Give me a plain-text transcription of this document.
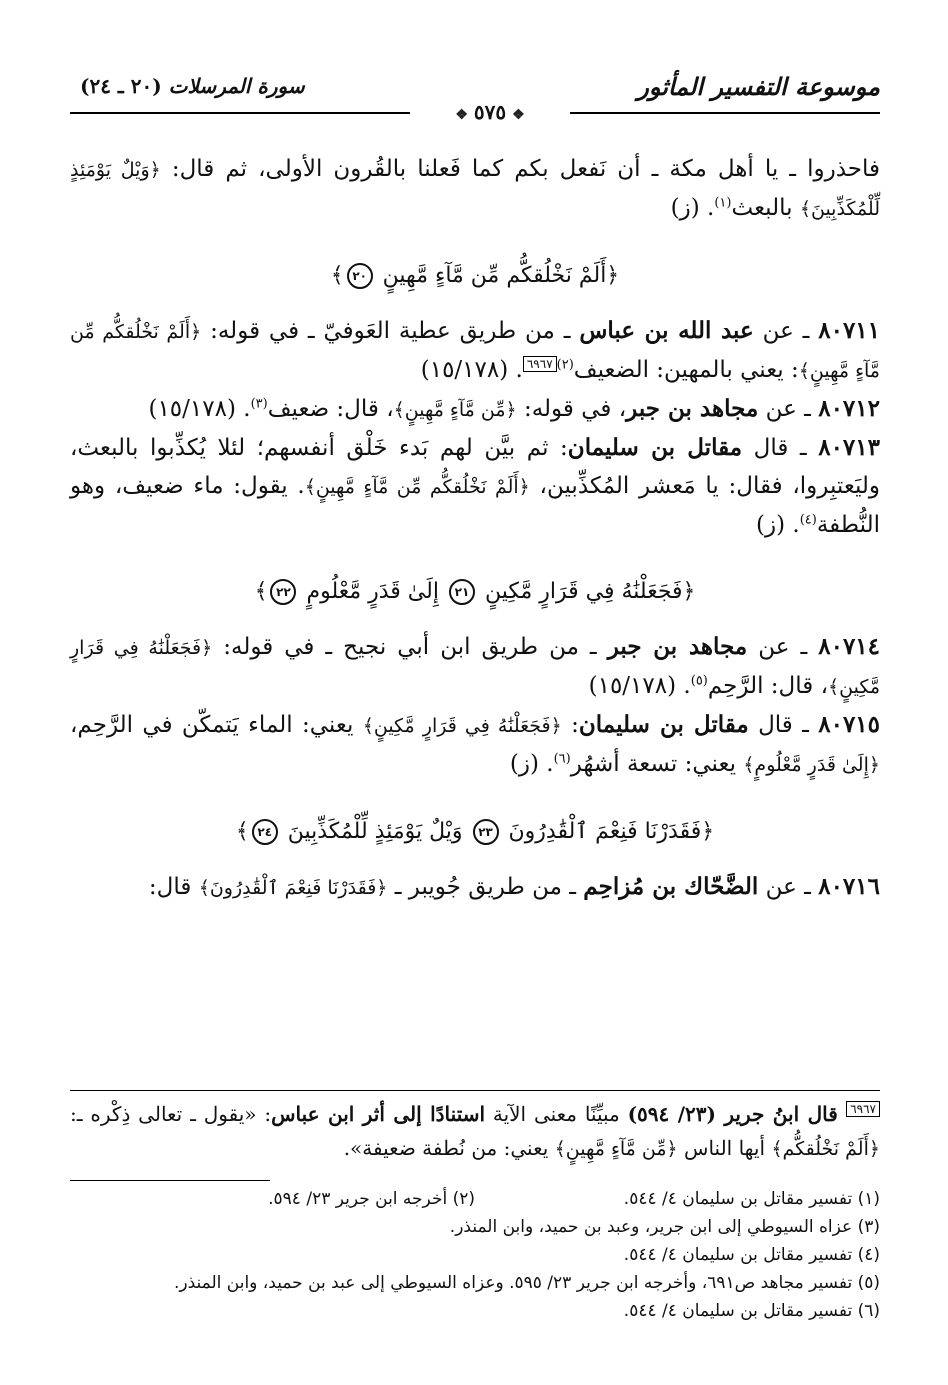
موسوعة التفسير المأثور
سورة المرسلات (٢٠ ـ ٢٤)
❖٥٧٥❖

فاحذروا ـ يا أهل مكة ـ أن نَفعل بكم كما فَعلنا بالقُرون الأولى، ثم قال: ﴿وَيْلٌ يَوْمَئِذٍ لِّلْمُكَذِّبِينَ﴾ بالبعث$^{(١)}$. (ز)

﴿أَلَمْ نَخْلُقكُّم مِّن مَّآءٍ مَّهِينٍ ٢٠﴾

٨٠٧١١ ـ عن عبد الله بن عباس ـ من طريق عطية العَوفيّ ـ في قوله: ﴿أَلَمْ نَخْلُقكُّم مِّن مَّآءٍ مَّهِينٍ﴾: يعني بالمهين: الضعيف$^{(٢)}$٦٩٦٧. (١٥/١٧٨)

٨٠٧١٢ ـ عن مجاهد بن جبر، في قوله: ﴿مِّن مَّآءٍ مَّهِينٍ﴾، قال: ضعيف$^{(٣)}$. (١٥/١٧٨)

٨٠٧١٣ ـ قال مقاتل بن سليمان: ثم بيَّن لهم بَدء خَلْق أنفسهم؛ لئلا يُكذِّبوا بالبعث، وليَعتبِروا، فقال: يا مَعشر المُكذِّبين، ﴿أَلَمْ نَخْلُقكُّم مِّن مَّآءٍ مَّهِينٍ﴾. يقول: ماء ضعيف، وهو النُّطفة$^{(٤)}$. (ز)

﴿فَجَعَلْنَٰهُ فِي قَرَارٍ مَّكِينٍ ٢١ إِلَىٰ قَدَرٍ مَّعْلُومٍ ٢٢﴾

٨٠٧١٤ ـ عن مجاهد بن جبر ـ من طريق ابن أبي نجيح ـ في قوله: ﴿فَجَعَلْنَٰهُ فِي قَرَارٍ مَّكِينٍ﴾، قال: الرَّحِم$^{(٥)}$. (١٥/١٧٨)

٨٠٧١٥ ـ قال مقاتل بن سليمان: ﴿فَجَعَلْنَٰهُ فِي قَرَارٍ مَّكِينٍ﴾ يعني: الماء يَتمكّن في الرَّحِم، ﴿إِلَىٰ قَدَرٍ مَّعْلُومٍ﴾ يعني: تسعة أشهُر$^{(٦)}$. (ز)

﴿فَقَدَرْنَا فَنِعْمَ ٱلْقَٰدِرُونَ ٢٣ وَيْلٌ يَوْمَئِذٍ لِّلْمُكَذِّبِينَ ٢٤﴾

٨٠٧١٦ ـ عن الضَّحّاك بن مُزاحِم ـ من طريق جُويبر ـ ﴿فَقَدَرْنَا فَنِعْمَ ٱلْقَٰدِرُونَ﴾ قال:

٦٩٦٧ قال ابنُ جرير (٢٣/ ٥٩٤) مبيِّنًا معنى الآية استنادًا إلى أثر ابن عباس: «يقول ـ تعالى ذِكْره ـ: ﴿أَلَمْ نَخْلُقكُّم﴾ أيها الناس ﴿مِّن مَّآءٍ مَّهِينٍ﴾ يعني: من نُطفة ضعيفة».

(١) تفسير مقاتل بن سليمان ٤/ ٥٤٤.

(٢) أخرجه ابن جرير ٢٣/ ٥٩٤.

(٣) عزاه السيوطي إلى ابن جرير، وعبد بن حميد، وابن المنذر.

(٤) تفسير مقاتل بن سليمان ٤/ ٥٤٤.

(٥) تفسير مجاهد ص٦٩١، وأخرجه ابن جرير ٢٣/ ٥٩٥. وعزاه السيوطي إلى عبد بن حميد، وابن المنذر.

(٦) تفسير مقاتل بن سليمان ٤/ ٥٤٤.
